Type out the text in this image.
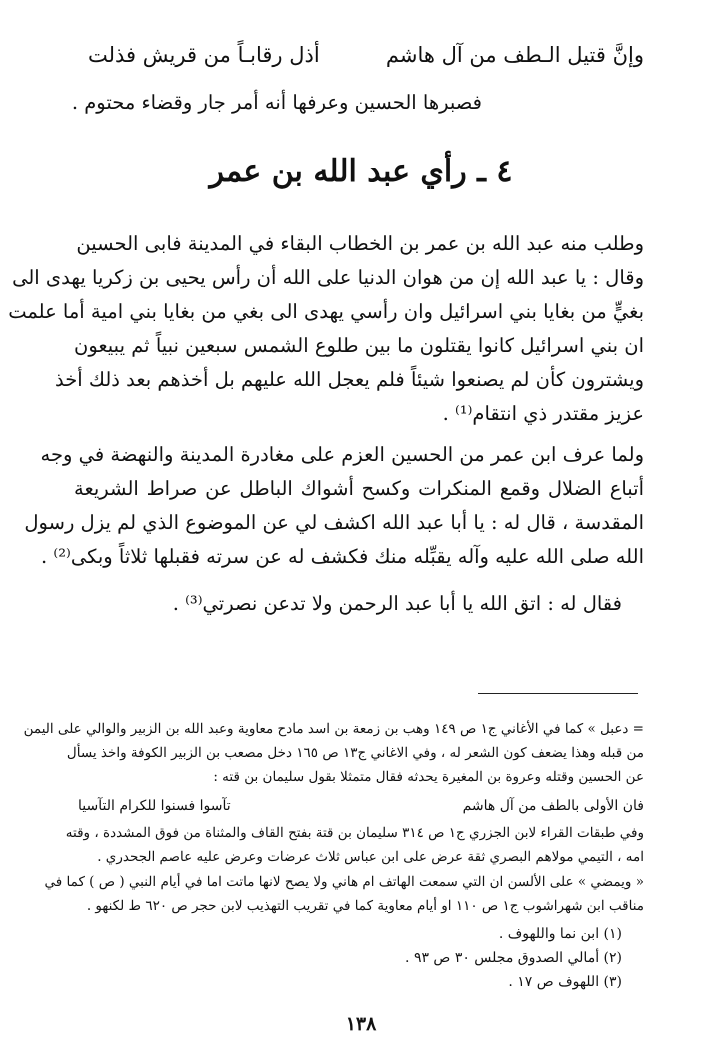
وإنَّ قتيل الـطف من آل هاشم
أذل رقابـاً من قريش فذلت
فصبرها الحسين وعرفها أنه أمر جار وقضاء محتوم .
٤ ـ رأي عبد الله بن عمر
وطلب منه عبد الله بن عمر بن الخطاب البقاء في المدينة فابى الحسين
وقال : يا عبد الله إن من هوان الدنيا على الله أن رأس يحيى بن زكريا يهدى الى
بغيٍّ من بغايا بني اسرائيل وان رأسي يهدى الى بغي من بغايا بني امية أما علمت
ان بني اسرائيل كانوا يقتلون ما بين طلوع الشمس سبعين نبياً ثم يبيعون
ويشترون كأن لم يصنعوا شيئاً فلم يعجل الله عليهم بل أخذهم بعد ذلك أخذ
عزيز مقتدر ذي انتقام⁽¹⁾ .
ولما عرف ابن عمر من الحسين العزم على مغادرة المدينة والنهضة في وجه
أتباع الضلال وقمع المنكرات وكسح أشواك الباطل عن صراط الشريعة
المقدسة ، قال له : يا أبا عبد الله اكشف لي عن الموضوع الذي لم يزل رسول
الله صلى الله عليه وآله يقبِّله منك فكشف له عن سرته فقبلها ثلاثاً وبكى⁽²⁾ .
فقال له : اتق الله يا أبا عبد الرحمن ولا تدعن نصرتي⁽³⁾ .
= دعبل » كما في الأغاني ج١ ص ١٤٩ وهب بن زمعة بن اسد مادح معاوية وعبد الله بن الزبير والوالي على اليمن
من قبله وهذا يضعف كون الشعر له ، وفي الاغاني ج١٣ ص ١٦٥ دخل مصعب بن الزبير الكوفة واخذ يسأل
عن الحسين وقتله وعروة بن المغيرة يحدثه فقال متمثلا بقول سليمان بن قته :
فان الأولى بالطف من آل هاشم
تآسوا فسنوا للكرام التآسيا
وفي طبقات القراء لابن الجزري ج١ ص ٣١٤ سليمان بن قتة بفتح القاف والمثناة من فوق المشددة ، وقته
امه ، التيمي مولاهم البصري ثقة عرض على ابن عباس ثلاث عرضات وعرض عليه عاصم الجحدري .
« ويمضي » على الألسن ان التي سمعت الهاتف ام هاني ولا يصح لانها ماتت اما في أيام النبي ( ص ) كما في
مناقب ابن شهراشوب ج١ ص ١١٠ او أيام معاوية كما في تقريب التهذيب لابن حجر ص ٦٢٠ ط لكنهو .
(١) ابن نما واللهوف .
(٢) أمالي الصدوق مجلس ٣٠ ص ٩٣ .
(٣) اللهوف ص ١٧ .
١٣٨
